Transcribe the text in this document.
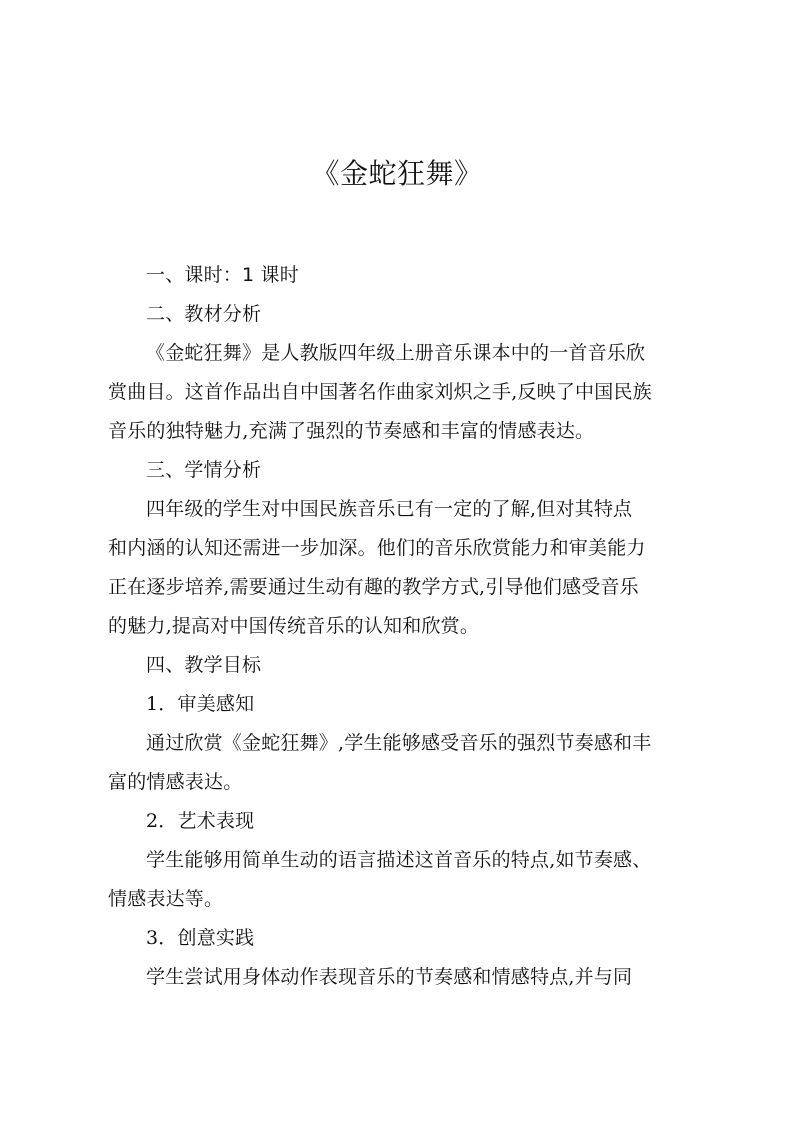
《金蛇狂舞》
一、课时：1 课时
二、教材分析
《金蛇狂舞》是人教版四年级上册音乐课本中的一首音乐欣
赏曲目。这首作品出自中国著名作曲家刘炽之手,反映了中国民族
音乐的独特魅力,充满了强烈的节奏感和丰富的情感表达。
三、学情分析
四年级的学生对中国民族音乐已有一定的了解,但对其特点
和内涵的认知还需进一步加深。他们的音乐欣赏能力和审美能力
正在逐步培养,需要通过生动有趣的教学方式,引导他们感受音乐
的魅力,提高对中国传统音乐的认知和欣赏。
四、教学目标
1．审美感知
通过欣赏《金蛇狂舞》,学生能够感受音乐的强烈节奏感和丰
富的情感表达。
2．艺术表现
学生能够用简单生动的语言描述这首音乐的特点,如节奏感、
情感表达等。
3．创意实践
学生尝试用身体动作表现音乐的节奏感和情感特点,并与同
